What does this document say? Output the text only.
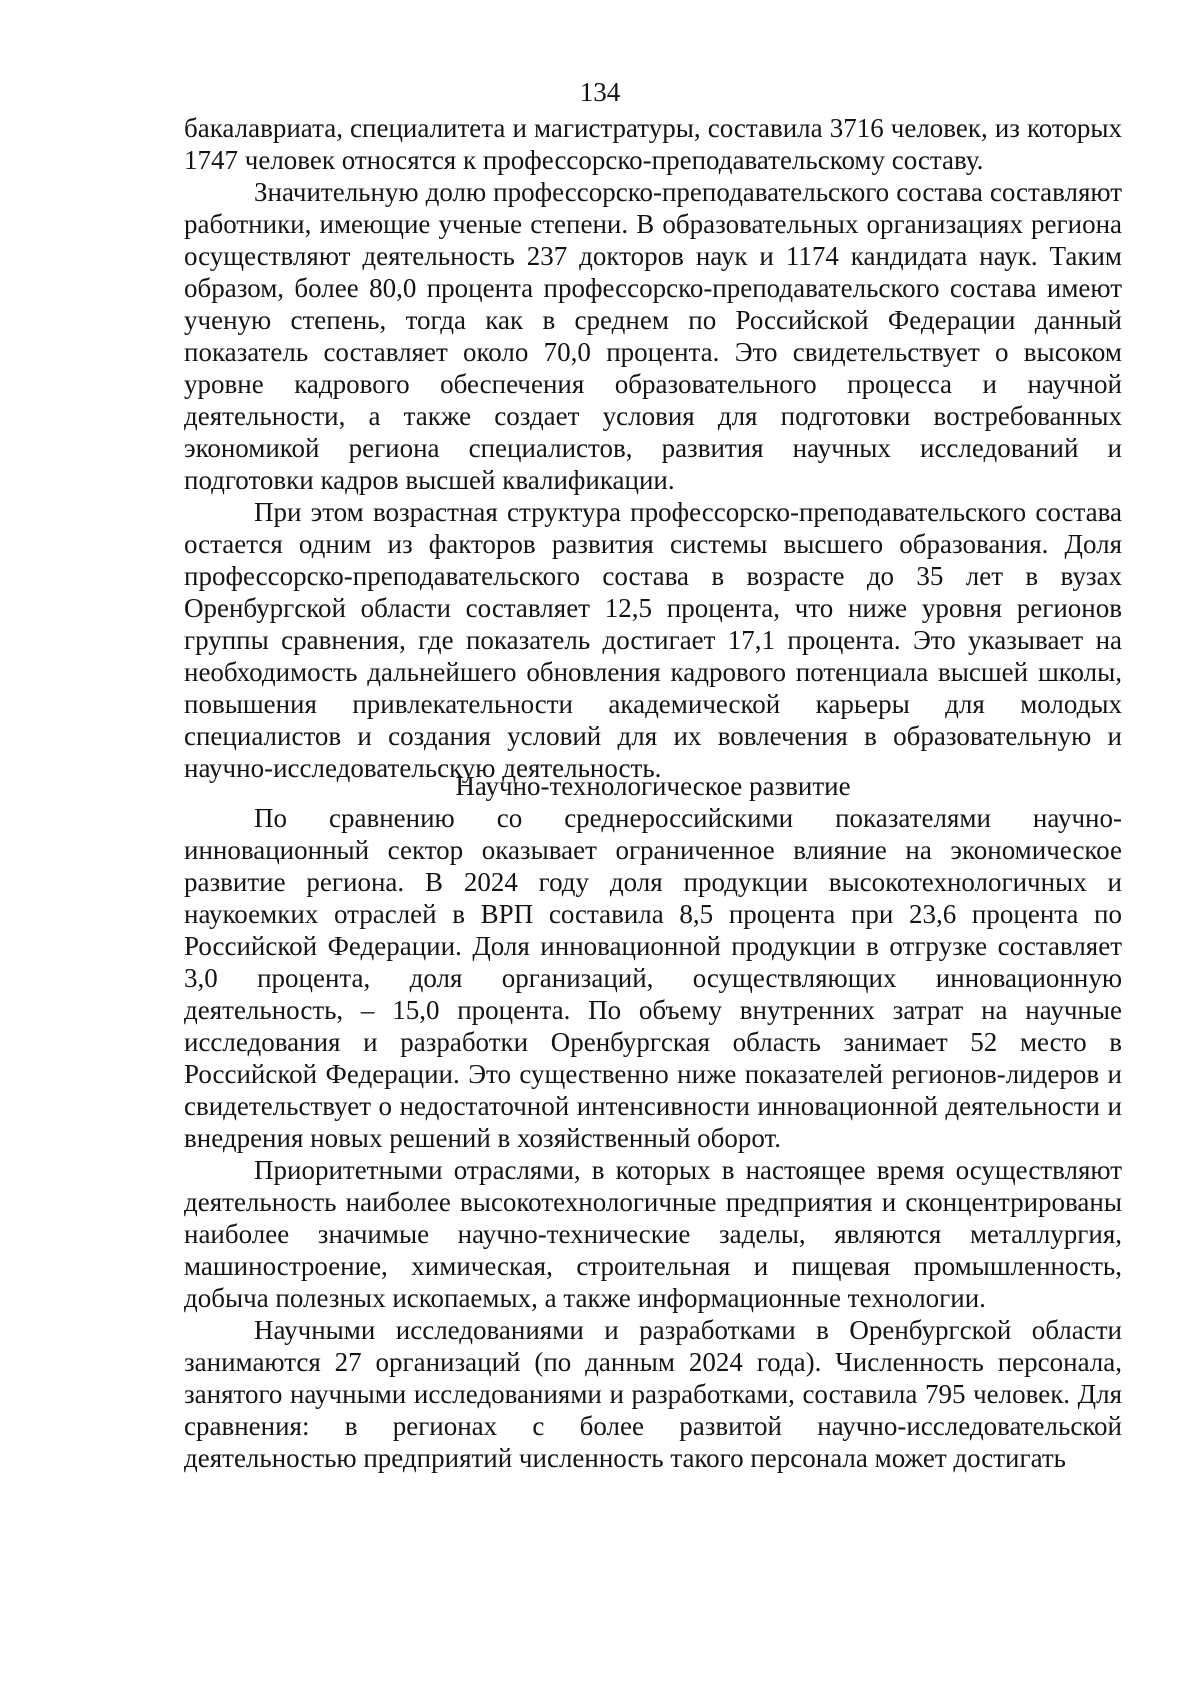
134

бакалавриата, специалитета и магистратуры, составила 3716 человек, из которых 1747 человек относятся к профессорско-преподавательскому составу.

Значительную долю профессорско-преподавательского состава составляют работники, имеющие ученые степени. В образовательных организациях региона осуществляют деятельность 237 докторов наук и 1174 кандидата наук. Таким образом, более 80,0 процента профессорско-преподавательского состава имеют ученую степень, тогда как в среднем по Российской Федерации данный показатель составляет около 70,0 процента. Это свидетельствует о высоком уровне кадрового обеспечения образовательного процесса и научной деятельности, а также создает условия для подготовки востребованных экономикой региона специалистов, развития научных исследований и подготовки кадров высшей квалификации.

При этом возрастная структура профессорско-преподавательского состава остается одним из факторов развития системы высшего образования. Доля профессорско-преподавательского состава в возрасте до 35 лет в вузах Оренбургской области составляет 12,5 процента, что ниже уровня регионов группы сравнения, где показатель достигает 17,1 процента. Это указывает на необходимость дальнейшего обновления кадрового потенциала высшей школы, повышения привлекательности академической карьеры для молодых специалистов и создания условий для их вовлечения в образовательную и научно-исследовательскую деятельность.

Научно-технологическое развитие

По сравнению со среднероссийскими показателями научно-инновационный сектор оказывает ограниченное влияние на экономическое развитие региона. В 2024 году доля продукции высокотехнологичных и наукоемких отраслей в ВРП составила 8,5 процента при 23,6 процента по Российской Федерации. Доля инновационной продукции в отгрузке составляет 3,0 процента, доля организаций, осуществляющих инновационную деятельность, – 15,0 процента. По объему внутренних затрат на научные исследования и разработки Оренбургская область занимает 52 место в Российской Федерации. Это существенно ниже показателей регионов-лидеров и свидетельствует о недостаточной интенсивности инновационной деятельности и внедрения новых решений в хозяйственный оборот.

Приоритетными отраслями, в которых в настоящее время осуществляют деятельность наиболее высокотехнологичные предприятия и сконцентрированы наиболее значимые научно-технические заделы, являются металлургия, машиностроение, химическая, строительная и пищевая промышленность, добыча полезных ископаемых, а также информационные технологии.

Научными исследованиями и разработками в Оренбургской области занимаются 27 организаций (по данным 2024 года). Численность персонала, занятого научными исследованиями и разработками, составила 795 человек. Для сравнения: в регионах с более развитой научно-исследовательской деятельностью предприятий численность такого персонала может достигать
